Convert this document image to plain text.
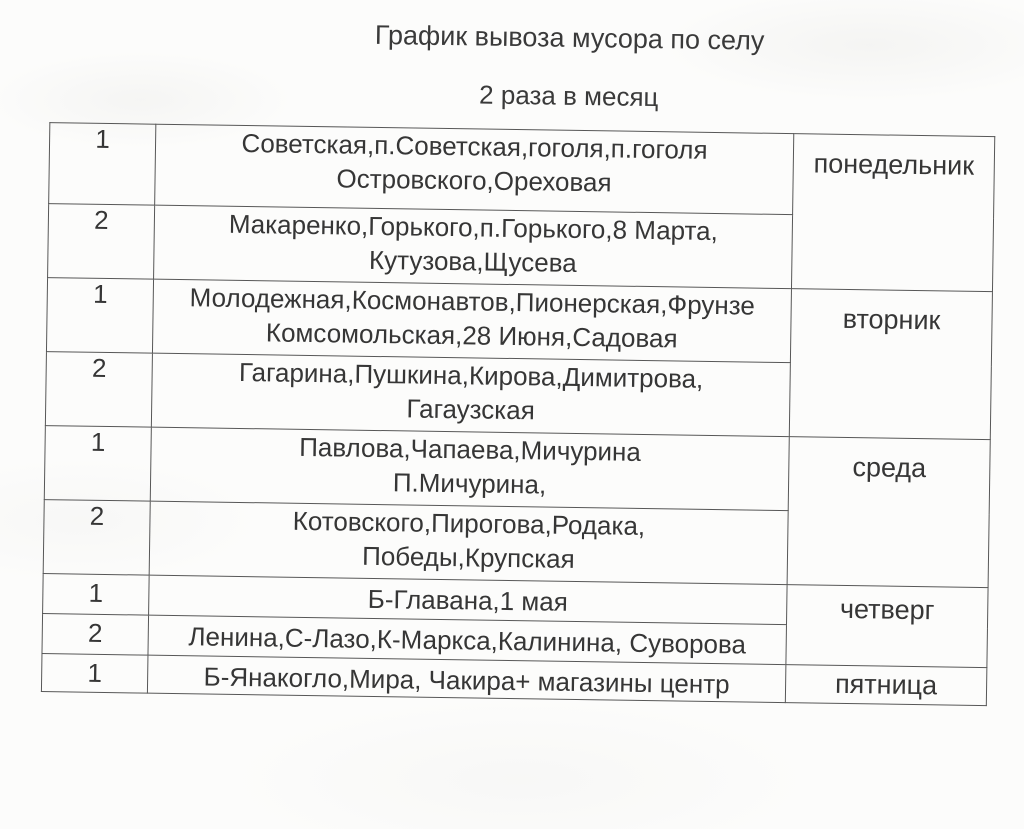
График вывоза мусора по селу
2 раза в месяц
1	Советская,п.Советская,гоголя,п.гоголя
Островского,Ореховая	понедельник
2	Макаренко,Горького,п.Горького,8 Марта,
Кутузова,Щусева	

1	Молодежная,Космонавтов,Пионерская,Фрунзе
Комсомольская,28 Июня,Садовая	вторник
2	Гагарина,Пушкина,Кирова,Димитрова,
Гагаузская	

1	Павлова,Чапаева,Мичурина
П.Мичурина,	среда
2	Котовского,Пирогова,Родака,
Победы,Крупская	

1	Б-Главана,1 мая	четверг
2	Ленина,С-Лазо,К-Маркса,Калинина, Суворова	

1	Б-Янакогло,Мира, Чакира+ магазины центр	пятница
